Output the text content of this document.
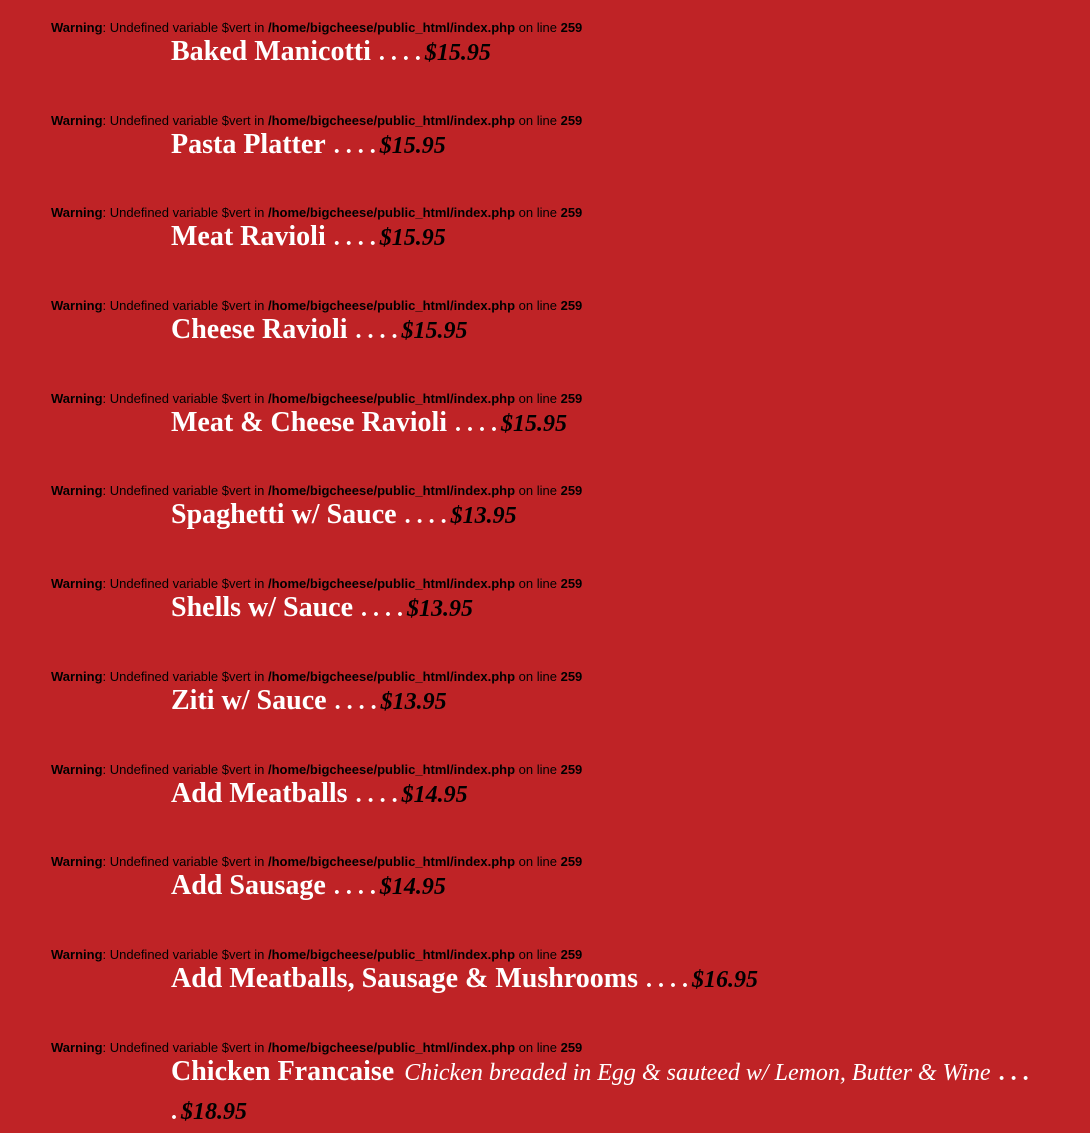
Warning: Undefined variable $vert in /home/bigcheese/public_html/index.php on line 259
Baked Manicotti . . . . $15.95
Warning: Undefined variable $vert in /home/bigcheese/public_html/index.php on line 259
Pasta Platter . . . . $15.95
Warning: Undefined variable $vert in /home/bigcheese/public_html/index.php on line 259
Meat Ravioli . . . . $15.95
Warning: Undefined variable $vert in /home/bigcheese/public_html/index.php on line 259
Cheese Ravioli . . . . $15.95
Warning: Undefined variable $vert in /home/bigcheese/public_html/index.php on line 259
Meat & Cheese Ravioli . . . . $15.95
Warning: Undefined variable $vert in /home/bigcheese/public_html/index.php on line 259
Spaghetti w/ Sauce . . . . $13.95
Warning: Undefined variable $vert in /home/bigcheese/public_html/index.php on line 259
Shells w/ Sauce . . . . $13.95
Warning: Undefined variable $vert in /home/bigcheese/public_html/index.php on line 259
Ziti w/ Sauce . . . . $13.95
Warning: Undefined variable $vert in /home/bigcheese/public_html/index.php on line 259
Add Meatballs . . . . $14.95
Warning: Undefined variable $vert in /home/bigcheese/public_html/index.php on line 259
Add Sausage . . . . $14.95
Warning: Undefined variable $vert in /home/bigcheese/public_html/index.php on line 259
Add Meatballs, Sausage & Mushrooms . . . . $16.95
Warning: Undefined variable $vert in /home/bigcheese/public_html/index.php on line 259
Chicken Francaise Chicken breaded in Egg & sauteed w/ Lemon, Butter & Wine . . . . $18.95
